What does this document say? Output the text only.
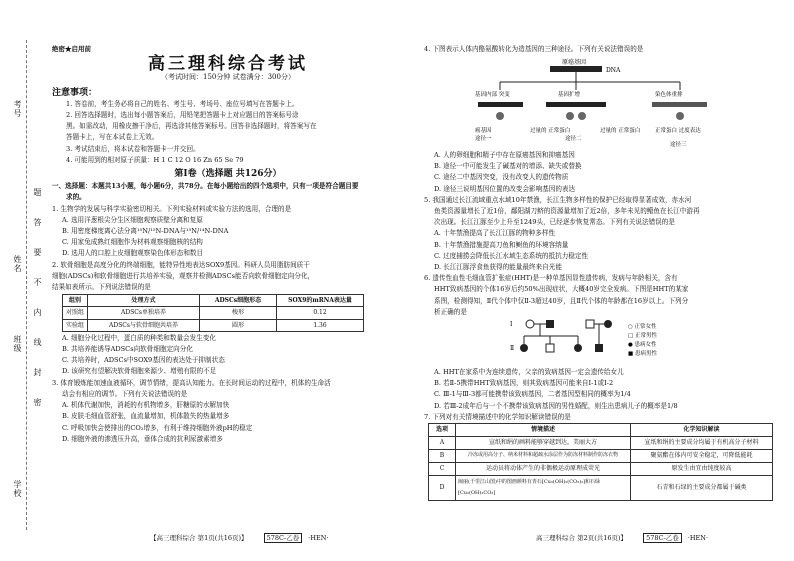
考号
姓名
班级
学校
题
答
要
不
内
线
封
密

绝密★启用前

高三理科综合考试
（考试时间：150分钟 试卷满分：300分）
注意事项：

1. 答卷前，考生务必将自己的姓名、考生号、考场号、座位号填写在答题卡上。

2. 回答选择题时，选出每小题答案后，用铅笔把答题卡上对应题目的答案标号涂

黑。如需改动，用橡皮擦干净后，再选涂其他答案标号。回答非选择题时，将答案写在

答题卡上，写在本试卷上无效。

3. 考试结束后，将本试卷和答题卡一并交回。

4. 可能用到的相对原子质量：H 1 C 12 O 16 Zn 65 Se 79

第Ⅰ卷（选择题 共126分）

一、选择题：本题共13小题，每小题6分，共78分。在每小题给出的四个选项中，只有一项是符合题目要

求的。

1. 生物学的发展与科学实验密切相关。下列实验材料或实验方法的选用，合理的是

A. 选用洋葱根尖分生区细胞观察质壁分离和复原

B. 用密度梯度离心法分离¹⁵N/¹⁵N-DNA与¹⁵N/¹⁴N-DNA

C. 用家兔成熟红细胞作为材料观察细胞核的结构

D. 选用人的口腔上皮细胞观察染色体形态和数目

2. 软骨细胞是高度分化的终端细胞，能特异性地表达SOX9基因。科研人员用脂肪间质干

细胞(ADSCs)和软骨细胞进行共培养实验，观察并检测ADSCs能否向软骨细胞定向分化，

结果如表所示。下列说法错误的是

组别	处理方式	ADSCs细胞形态	SOX9的mRNA表达量
对照组	ADSCs单独培养	梭形	0.12
实验组	ADSCs与软骨细胞共培养	圆形	1.36

A. 细胞分化过程中，蛋白质的种类和数量会发生变化

B. 共培养能诱导ADSCs向软骨细胞定向分化

C. 共培养时，ADSCs中SOX9基因的表达处于抑制状态

D. 该研究有望解决软骨细胞来源少、增殖有限的不足

3. 体育锻炼能加速血液循环，调节情绪，提高认知能力。在长时间运动的过程中，机体的生命活

动会有相应的调节。下列有关说法错误的是

A. 机体代谢加快，消耗的有机物增多，肝糖原的水解加快

B. 皮肤毛细血管舒张，血流量增加，机体散失的热量增多

C. 呼吸加快会使排出的CO₂增多，有利于维持细胞外液pH的稳定

D. 细胞外液的渗透压升高，垂体合成的抗利尿激素增多

【高三理科综合 第1页(共16页)】	578C-乙卷 ·HEN·

4. 下图表示人体内酪氨酸转化为造基因的三种途径。下列有关说法错误的是

原癌基因
DNA
基因内部 突变	基因扩增	染色体重排
癌基因
途径一
过量的 正常蛋白
途径二
过量的 正常蛋白	正常蛋白 过度表达
途径三

A. 人的卵细胞和精子中存在原癌基因和抑癌基因

B. 途径一中可能发生了碱基对的增添、缺失或替换

C. 途径二中基因突变，没有改变人的遗传物质

D. 途径三说明基因位置的改变会影响基因的表达

5. 我国通过长江流域重点水域10年禁渔，长江生物多样性的保护已经取得显著成效，赤水河

鱼类资源量增长了近1倍，鄱阳湖刀鲚的资源量增加了近2倍，多年未见的鳤鱼在长江中游再

次出现。长江江豚至少上升至1249头，已经逐步恢复常态。下列有关说法错误的是

A. 十年禁渔提高了长江江豚的物种多样性

B. 十年禁渔措施提高刀鱼和鲥鱼的环境容纳量

C. 过度捕捞会降低长江水域生态系统的抵抗力稳定性

D. 长江江豚浮食鱼获得的能量最终来自光能

6. 遗传性血性毛细血管扩张症(HHT)是一种单基因显性遗传病，发病与年龄相关，含有

HHT致病基因的个体16岁后约50%出现症状，大概40岁完全发病。下图是HHT的某家

系图，检测得知，Ⅱ代个体中仅Ⅱ-3超过40岁，且Ⅱ代个体的年龄都在16岁以上。下列分

析正确的是

Ⅰ
Ⅱ
○ 正常女性
□ 正常男性
● 患病女性
■ 患病男性

A. HHT在家系中为连续遗传，父亲的致病基因一定会遗传给女儿

B. 若Ⅱ-5携带HHT致病基因，则其致病基因可能来自Ⅰ-1或Ⅰ-2

C. Ⅲ-1与Ⅲ-3都可能携带该致病基因，二者基因型相同的概率为1/4

D. 若Ⅲ-2成年后与一个不携带该致病基因的男性婚配，则生出患病儿子的概率是1/8

7. 下列对有关情境描述中的化学知识解读错误的是

选项	情境描述	化学知识解读
A	宣纸和绢的画料能够穿越到达，美丽大方	宣纸和绢的主要成分均属于有机高分子材料
B	冷冻或用高分子、纳米材料和超疏水涂层作为防冻材料制作防冻衣物	聚氨酯在体内可安全稳定，可降低能耗
C	运动员将动体产生的非偶极运动原理成荧光	原发生由宜由纯度较高
D	闽丽(千里江山图)中的图画颜料有青石[Cu₃(OH)₂(CO₃)₂]和石绿[Cu₂(OH)₂CO₃]	石青和石绿的主要成分都属于碱类
高三理科综合 第2页(共16页)】	578C-乙卷 ·HEN·
